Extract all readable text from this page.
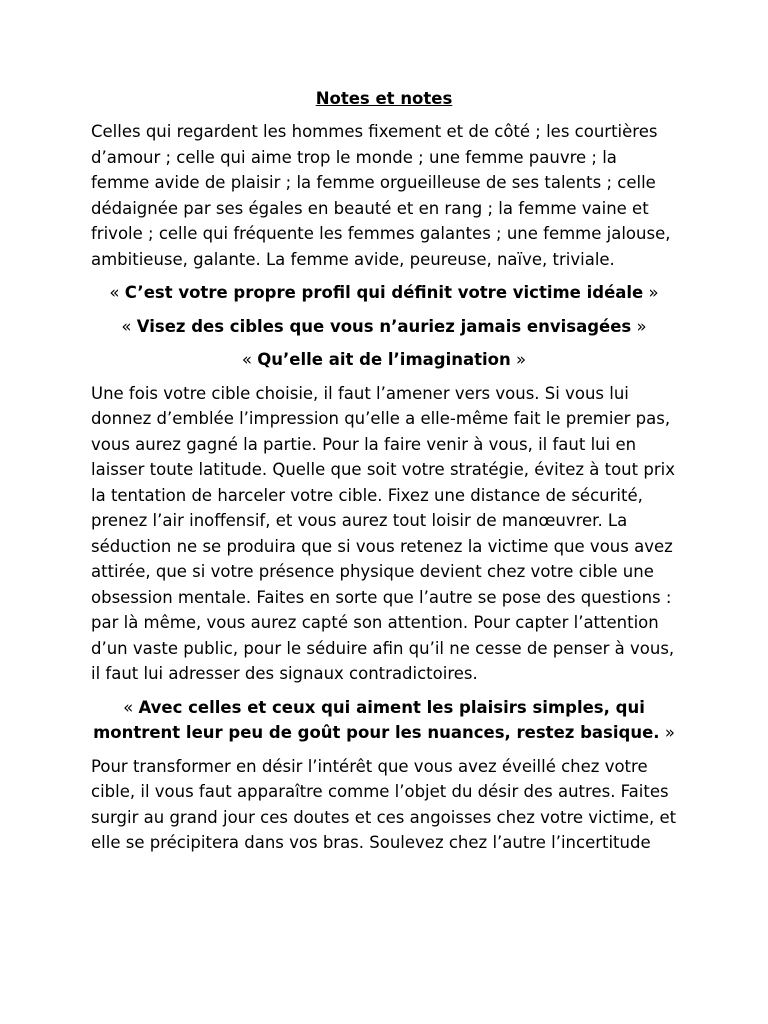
Notes et notes
Celles qui regardent les hommes fixement et de côté ; les courtières d’amour ; celle qui aime trop le monde ; une femme pauvre ; la femme avide de plaisir ; la femme orgueilleuse de ses talents ; celle dédaignée par ses égales en beauté et en rang ; la femme vaine et frivole ; celle qui fréquente les femmes galantes ; une femme jalouse, ambitieuse, galante. La femme avide, peureuse, naïve, triviale.
« C’est votre propre profil qui définit votre victime idéale »
« Visez des cibles que vous n’auriez jamais envisagées »
« Qu’elle ait de l’imagination »
Une fois votre cible choisie, il faut l’amener vers vous. Si vous lui donnez d’emblée l’impression qu’elle a elle-même fait le premier pas, vous aurez gagné la partie. Pour la faire venir à vous, il faut lui en laisser toute latitude. Quelle que soit votre stratégie, évitez à tout prix la tentation de harceler votre cible. Fixez une distance de sécurité, prenez l’air inoffensif, et vous aurez tout loisir de manœuvrer. La séduction ne se produira que si vous retenez la victime que vous avez attirée, que si votre présence physique devient chez votre cible une obsession mentale. Faites en sorte que l’autre se pose des questions : par là même, vous aurez capté son attention. Pour capter l’attention d’un vaste public, pour le séduire afin qu’il ne cesse de penser à vous, il faut lui adresser des signaux contradictoires.
« Avec celles et ceux qui aiment les plaisirs simples, qui montrent leur peu de goût pour les nuances, restez basique. »
Pour transformer en désir l’intérêt que vous avez éveillé chez votre cible, il vous faut apparaître comme l’objet du désir des autres. Faites surgir au grand jour ces doutes et ces angoisses chez votre victime, et elle se précipitera dans vos bras. Soulevez chez l’autre l’incertitude
